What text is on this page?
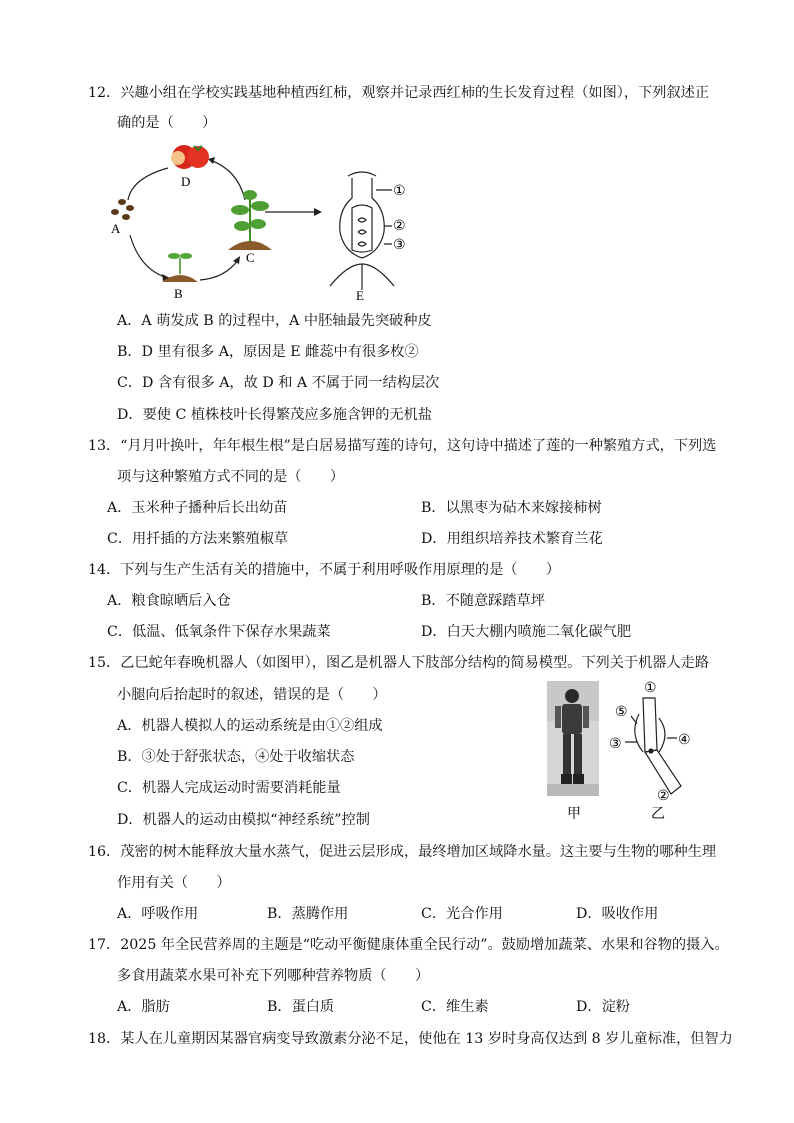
12．兴趣小组在学校实践基地种植西红柿，观察并记录西红柿的生长发育过程（如图），下列叙述正
确的是（　　）
D
A
B
C
①
②
③
E
A．A 萌发成 B 的过程中，A 中胚轴最先突破种皮
B．D 里有很多 A，原因是 E 雌蕊中有很多枚②
C．D 含有很多 A，故 D 和 A 不属于同一结构层次
D．要使 C 植株枝叶长得繁茂应多施含钾的无机盐
13．“月月叶换叶，年年根生根”是白居易描写莲的诗句，这句诗中描述了莲的一种繁殖方式，下列选
项与这种繁殖方式不同的是（　　）
A．玉米种子播种后长出幼苗	B．以黑枣为砧木来嫁接柿树
C．用扦插的方法来繁殖椒草	D．用组织培养技术繁育兰花
14．下列与生产生活有关的措施中，不属于利用呼吸作用原理的是（　　）
A．粮食晾晒后入仓	B．不随意踩踏草坪
C．低温、低氧条件下保存水果蔬菜	D．白天大棚内喷施二氧化碳气肥
15．乙巳蛇年春晚机器人（如图甲），图乙是机器人下肢部分结构的简易模型。下列关于机器人走路
小腿向后抬起时的叙述，错误的是（　　）
A．机器人模拟人的运动系统是由①②组成
B．③处于舒张状态，④处于收缩状态
C．机器人完成运动时需要消耗能量
D．机器人的运动由模拟“神经系统”控制	甲
①
⑤
③	④
②
乙
16．茂密的树木能释放大量水蒸气，促进云层形成，最终增加区域降水量。这主要与生物的哪种生理
作用有关（　　）
A．呼吸作用	B．蒸腾作用	C．光合作用	D．吸收作用
17．2025 年全民营养周的主题是“吃动平衡健康体重全民行动”。鼓励增加蔬菜、水果和谷物的摄入。
多食用蔬菜水果可补充下列哪种营养物质（　　）
A．脂肪	B．蛋白质	C．维生素	D．淀粉
18．某人在儿童期因某器官病变导致激素分泌不足，使他在 13 岁时身高仅达到 8 岁儿童标准，但智力
